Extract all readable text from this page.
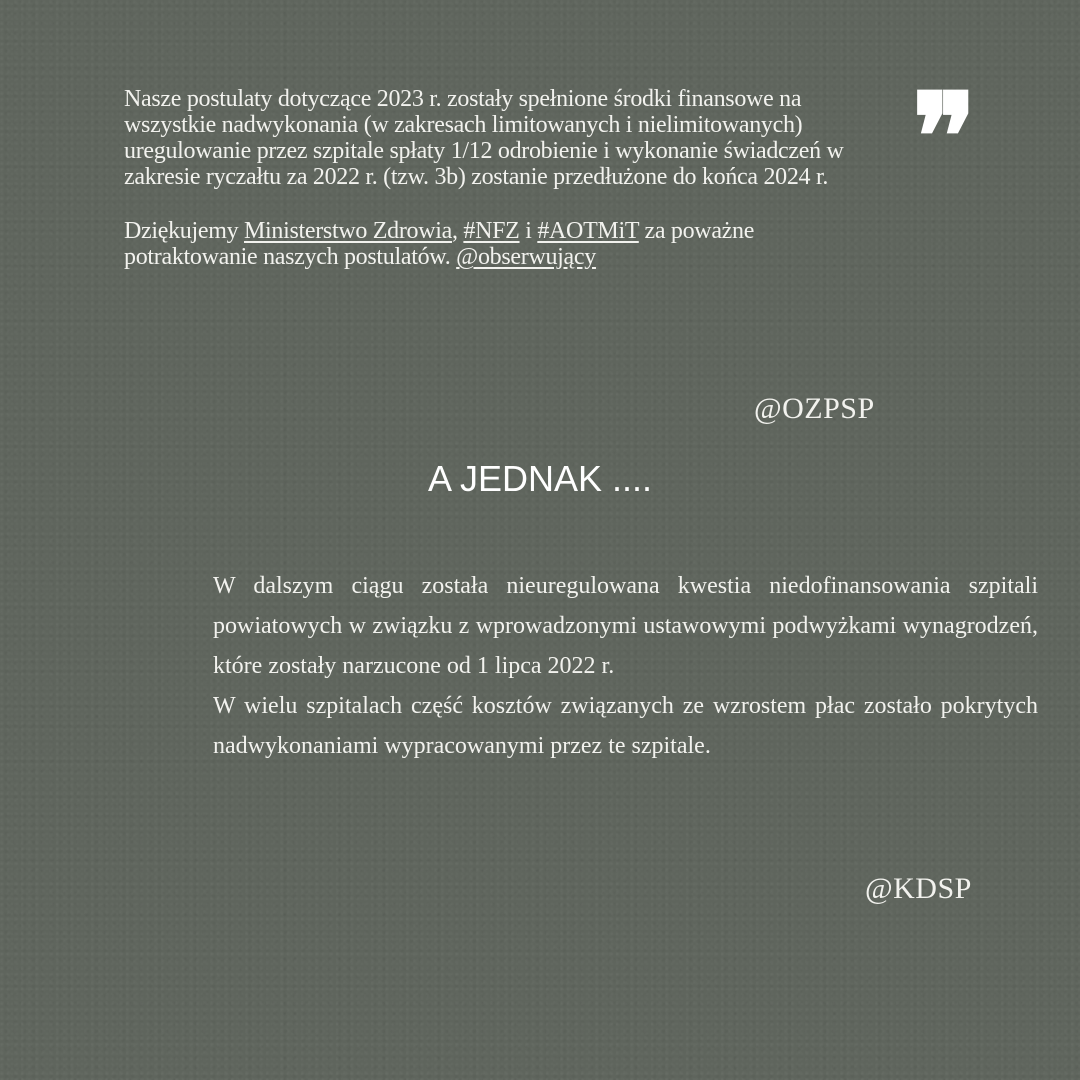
Nasze postulaty dotyczące 2023 r. zostały spełnione środki finansowe na wszystkie nadwykonania (w zakresach limitowanych i nielimitowanych) uregulowanie przez szpitale spłaty 1/12 odrobienie i wykonanie świadczeń w zakresie ryczałtu za 2022 r. (tzw. 3b) zostanie przedłużone do końca 2024 r.

Dziękujemy Ministerstwo Zdrowia, #NFZ i #AOTMiT za poważne potraktowanie naszych postulatów. @obserwujący

❞
@OZPSP
A JEDNAK ....

W dalszym ciągu została nieuregulowana kwestia niedofinansowania szpitali powiatowych w związku z wprowadzonymi ustawowymi podwyżkami wynagrodzeń, które zostały narzucone od 1 lipca 2022 r.

W wielu szpitalach część kosztów związanych ze wzrostem płac zostało pokrytych nadwykonaniami wypracowanymi przez te szpitale.

@KDSP
